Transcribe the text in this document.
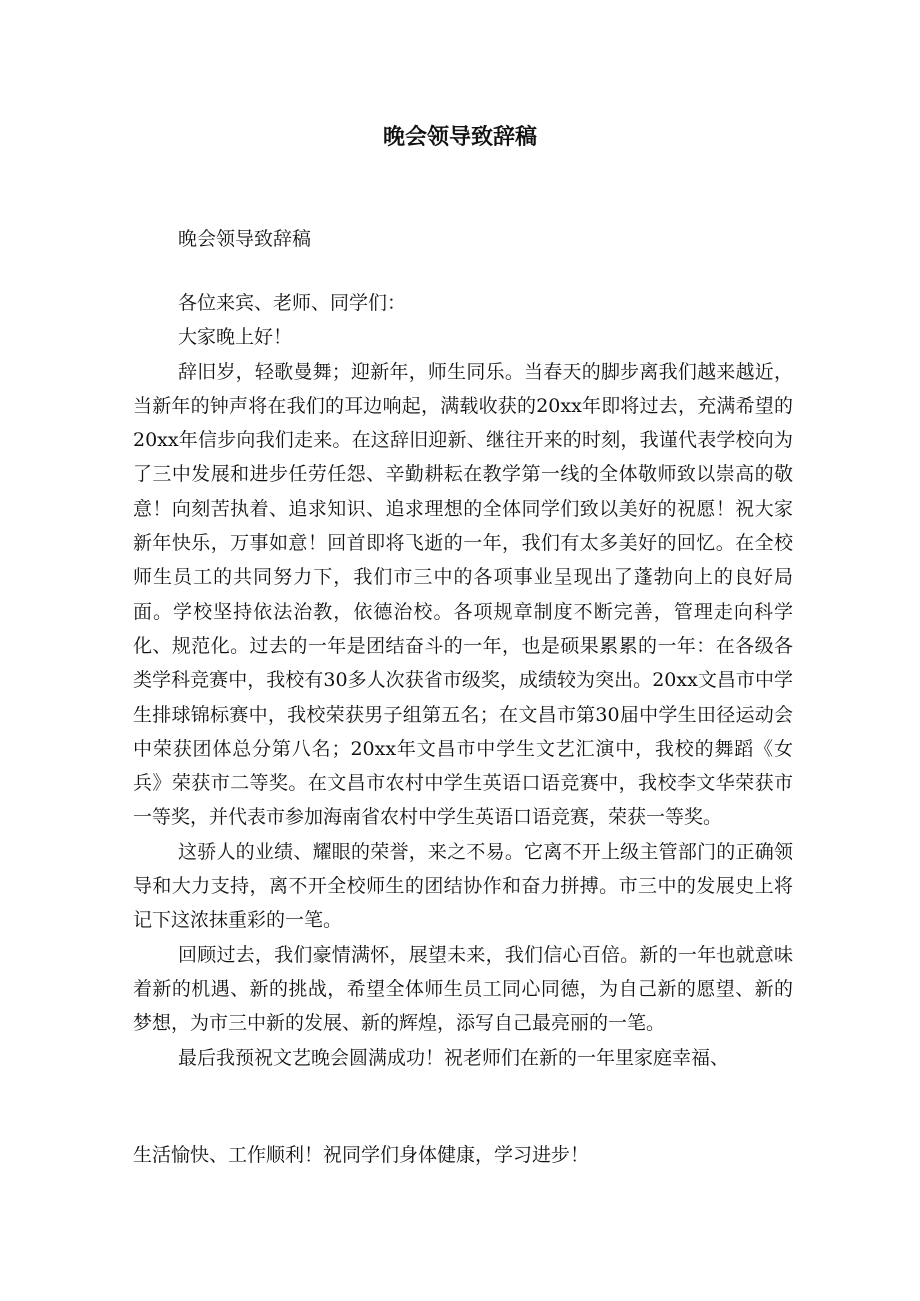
晚会领导致辞稿
晚会领导致辞稿

各位来宾、老师、同学们：

大家晚上好！

辞旧岁，轻歌曼舞；迎新年，师生同乐。当春天的脚步离我们越来越近，当新年的钟声将在我们的耳边响起，满载收获的20xx年即将过去，充满希望的20xx年信步向我们走来。在这辞旧迎新、继往开来的时刻，我谨代表学校向为了三中发展和进步任劳任怨、辛勤耕耘在教学第一线的全体敬师致以崇高的敬意！向刻苦执着、追求知识、追求理想的全体同学们致以美好的祝愿！祝大家新年快乐，万事如意！回首即将飞逝的一年，我们有太多美好的回忆。在全校师生员工的共同努力下，我们市三中的各项事业呈现出了蓬勃向上的良好局面。学校坚持依法治教，依德治校。各项规章制度不断完善，管理走向科学化、规范化。过去的一年是团结奋斗的一年，也是硕果累累的一年：在各级各类学科竞赛中，我校有30多人次获省市级奖，成绩较为突出。20xx文昌市中学生排球锦标赛中，我校荣获男子组第五名；在文昌市第30届中学生田径运动会中荣获团体总分第八名；20xx年文昌市中学生文艺汇演中，我校的舞蹈《女兵》荣获市二等奖。在文昌市农村中学生英语口语竞赛中，我校李文华荣获市一等奖，并代表市参加海南省农村中学生英语口语竞赛，荣获一等奖。

这骄人的业绩、耀眼的荣誉，来之不易。它离不开上级主管部门的正确领导和大力支持，离不开全校师生的团结协作和奋力拼搏。市三中的发展史上将记下这浓抹重彩的一笔。

回顾过去，我们豪情满怀，展望未来，我们信心百倍。新的一年也就意味着新的机遇、新的挑战，希望全体师生员工同心同德，为自己新的愿望、新的梦想，为市三中新的发展、新的辉煌，添写自己最亮丽的一笔。

最后我预祝文艺晚会圆满成功！祝老师们在新的一年里家庭幸福、

生活愉快、工作顺利！祝同学们身体健康，学习进步！
